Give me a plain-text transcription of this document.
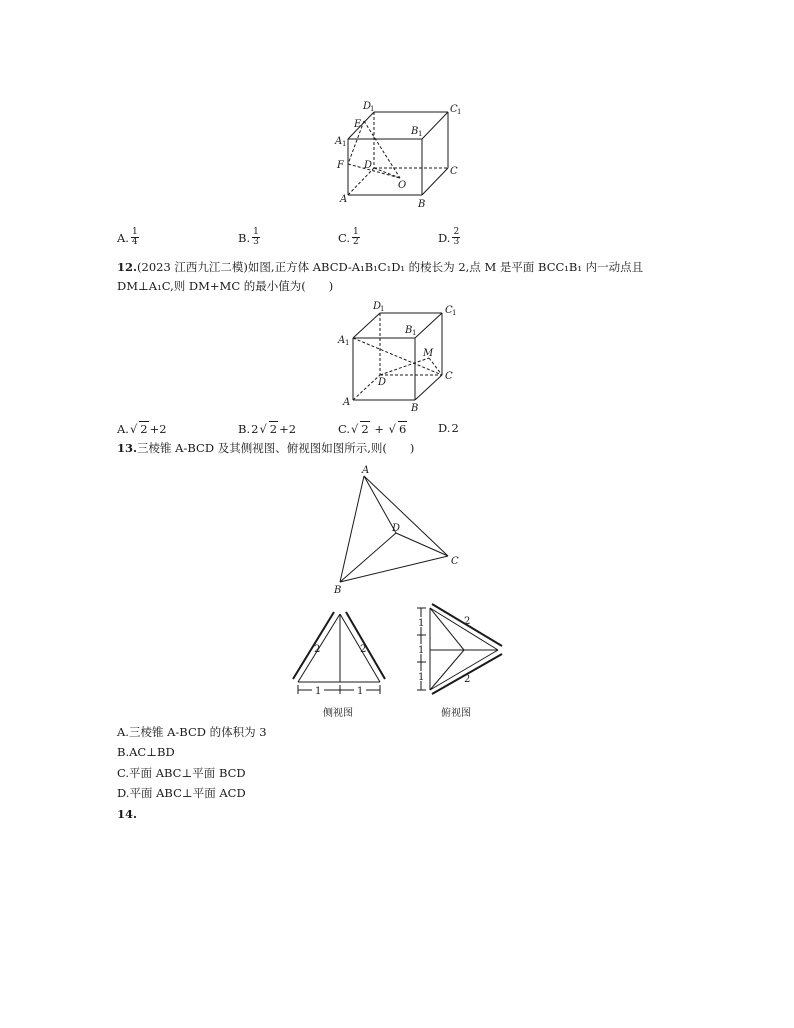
D
1	C 1
E
A 1
B 1
F D
O
C
A	B
A. $\frac{1}{4}$	B. $\frac{1}{3}$	C. $\frac{1}{2}$	D. $\frac{2}{3}$
12.(2023 江西九江二模)如图,正方体 ABCD-A₁B₁C₁D₁ 的棱长为 2,点 M 是平面 BCC₁B₁ 内一动点且
DM⊥A₁C,则 DM+MC 的最小值为(　　)
D
1	C 1
A 1
B 1
M
D
C
A
B
A. √ 2 +2	B. 2 √ 2 +2	C. √ 2 + √ 6	D. 2
13.三棱锥 A-BCD 及其侧视图、俯视图如图所示,则(　　)
A
D
C
B
2	2
1	1
侧视图
2
2
1
1
1
俯视图
A.三棱锥 A-BCD 的体积为 3
B.AC⊥BD
C.平面 ABC⊥平面 BCD
D.平面 ABC⊥平面 ACD
14.
